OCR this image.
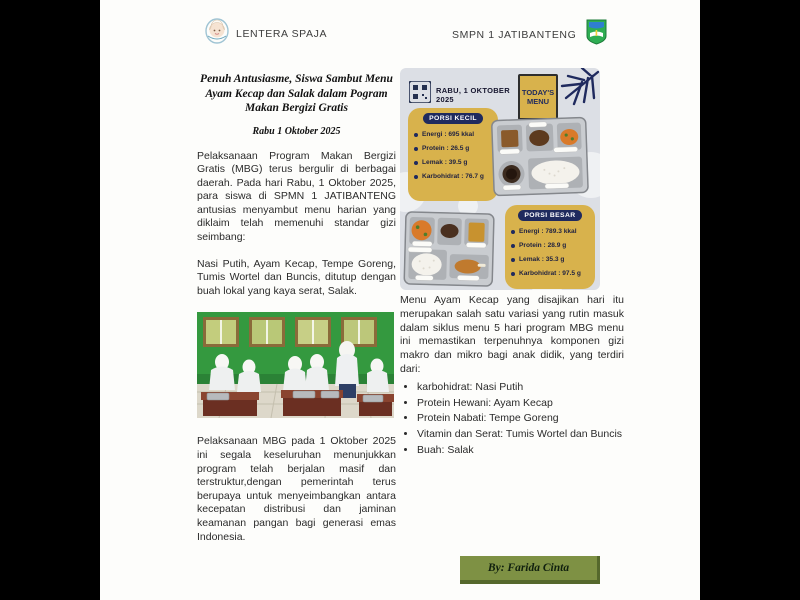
LENTERA SPAJA	SMPN 1 JATIBANTENG
Penuh Antusiasme, Siswa Sambut Menu Ayam Kecap dan Salak dalam Pogram Makan Bergizi Gratis
Rabu 1 Oktober 2025
Pelaksanaan Program Makan Bergizi Gratis (MBG) terus bergulir di berbagai daerah. Pada hari Rabu, 1 Oktober 2025, para siswa di SPMN 1 JATIBANTENG antusias menyambut menu harian yang diklaim telah memenuhi standar gizi seimbang:
Nasi Putih, Ayam Kecap, Tempe Goreng, Tumis Wortel dan Buncis, ditutup dengan buah lokal yang kaya serat, Salak.
Pelaksanaan MBG pada 1 Oktober 2025 ini segala keseluruhan menunjukkan program telah berjalan masif dan terstruktur,dengan pemerintah terus berupaya untuk menyeimbangkan antara kecepatan distribusi dan jaminan keamanan pangan bagi generasi emas Indonesia.
RABU, 1 OKTOBER 2025
TODAY'S MENU
PORSI KECIL
Energi : 695 kkal
Protein : 26.5 g
Lemak : 39.5 g
Karbohidrat : 76.7 g
PORSI BESAR
Energi : 789.3 kkal
Protein : 28.9 g
Lemak : 35.3 g
Karbohidrat : 97.5 g
Menu Ayam Kecap yang disajikan hari itu merupakan salah satu variasi yang rutin masuk dalam siklus menu 5 hari program MBG menu ini memastikan terpenuhnya komponen gizi makro dan mikro bagi anak didik, yang terdiri dari:
• karbohidrat: Nasi Putih
• Protein Hewani: Ayam Kecap
• Protein Nabati: Tempe Goreng
• Vitamin dan Serat: Tumis Wortel dan Buncis
• Buah: Salak
By: Farida Cinta
